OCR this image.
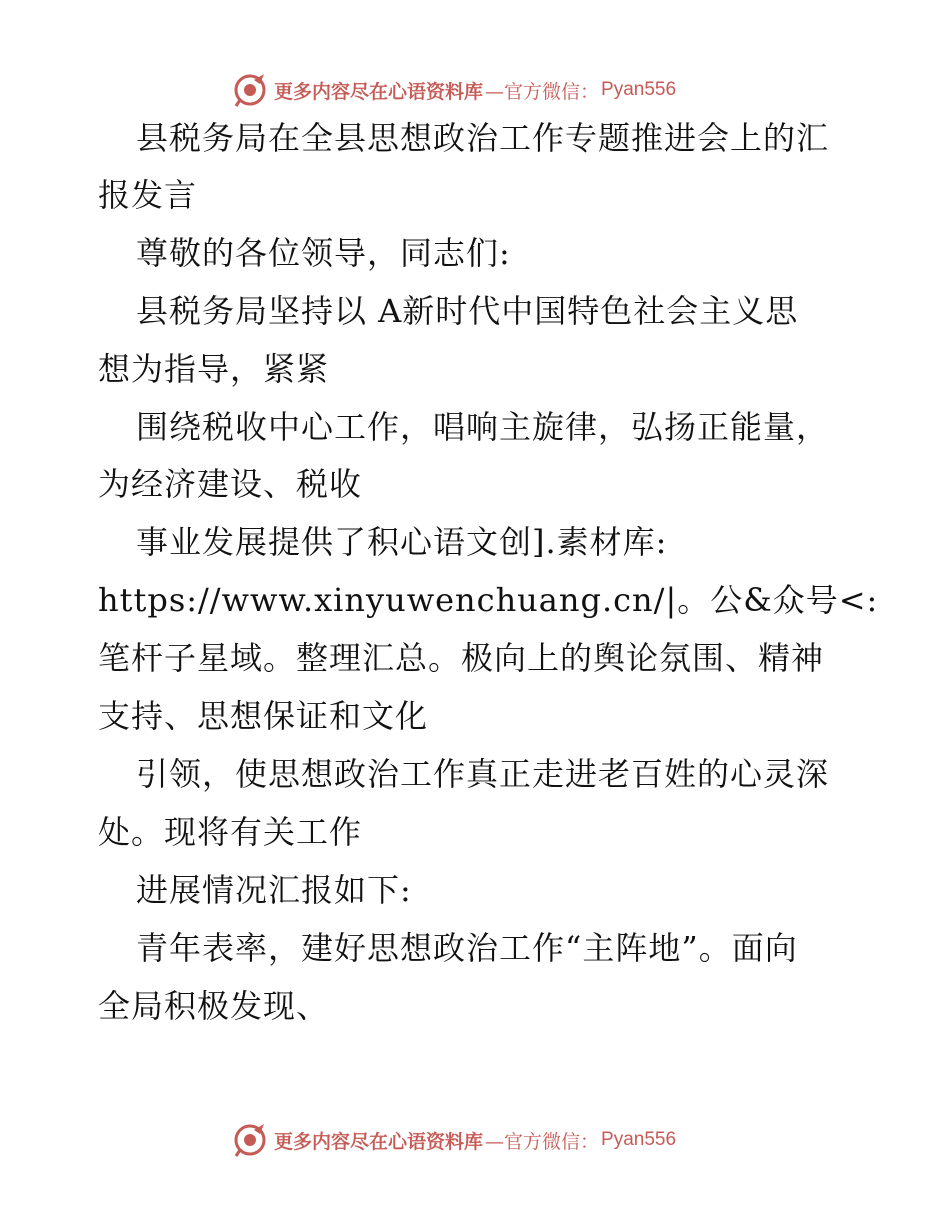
更多内容尽在心语资料库 —官方微信： Pyan556
县税务局在全县思想政治工作专题推进会上的汇
报发言
尊敬的各位领导，同志们:
县税务局坚持以 A新时代中国特色社会主义思
想为指导，紧紧
围绕税收中心工作，唱响主旋律，弘扬正能量，
为经济建设、税收
事业发展提供了积心语文创].素材库:
https://www.xinyuwenchuang.cn/|。公&众号<:
笔杆子星域。整理汇总。极向上的舆论氛围、精神
支持、思想保证和文化
引领，使思想政治工作真正走进老百姓的心灵深
处。现将有关工作
进展情况汇报如下:
青年表率，建好思想政治工作“主阵地”。面向
全局积极发现、
更多内容尽在心语资料库 —官方微信： Pyan556
